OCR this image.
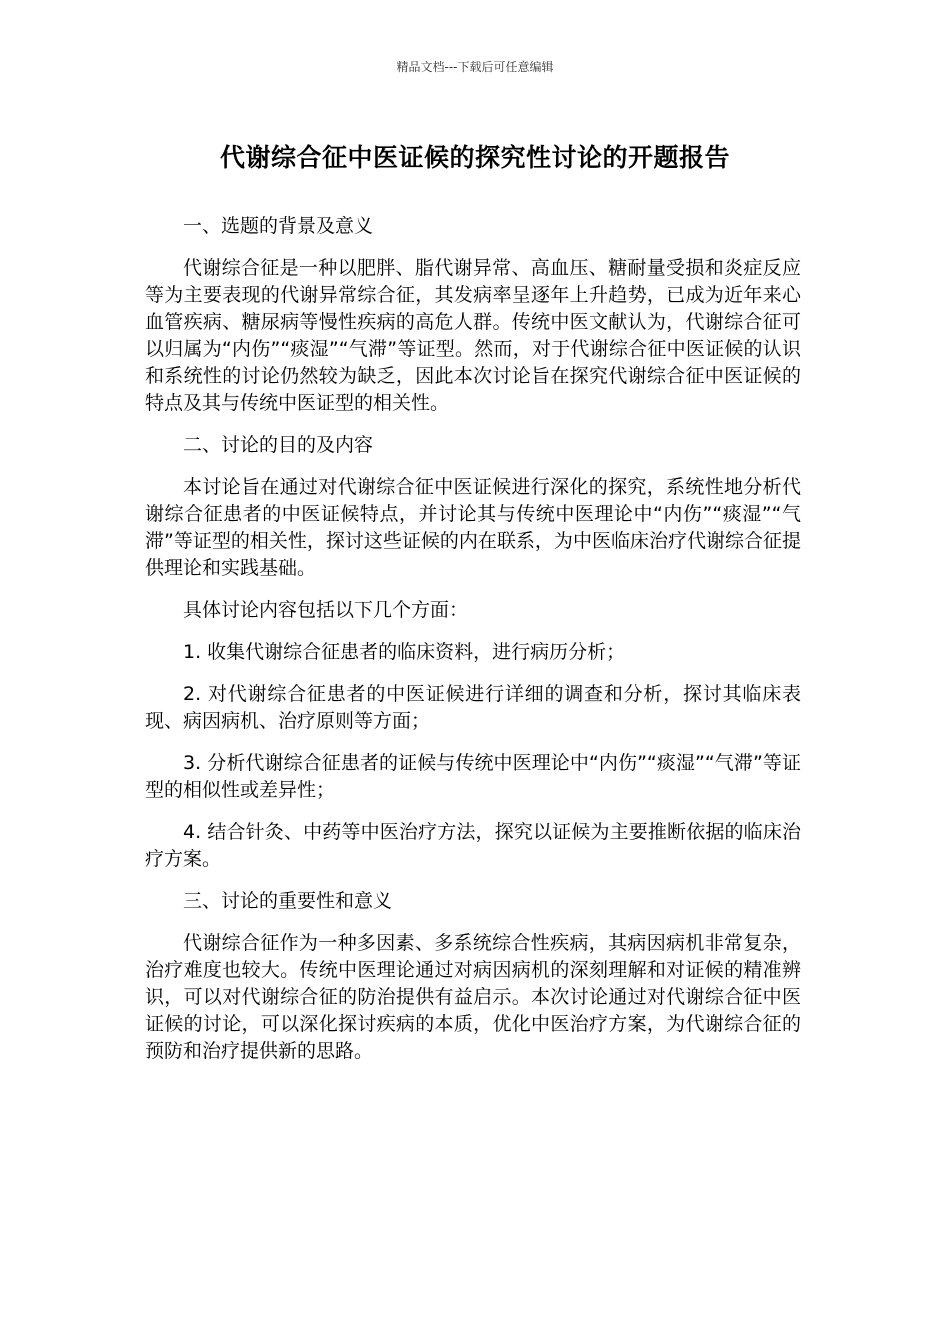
精品文档---下载后可任意编辑
代谢综合征中医证候的探究性讨论的开题报告

一、选题的背景及意义

代谢综合征是一种以肥胖、脂代谢异常、高血压、糖耐量受损和炎症反应等为主要表现的代谢异常综合征，其发病率呈逐年上升趋势，已成为近年来心血管疾病、糖尿病等慢性疾病的高危人群。传统中医文献认为，代谢综合征可以归属为“内伤”“痰湿”“气滞”等证型。然而，对于代谢综合征中医证候的认识和系统性的讨论仍然较为缺乏，因此本次讨论旨在探究代谢综合征中医证候的特点及其与传统中医证型的相关性。

二、讨论的目的及内容

本讨论旨在通过对代谢综合征中医证候进行深化的探究，系统性地分析代谢综合征患者的中医证候特点，并讨论其与传统中医理论中“内伤”“痰湿”“气滞”等证型的相关性，探讨这些证候的内在联系，为中医临床治疗代谢综合征提供理论和实践基础。

具体讨论内容包括以下几个方面：

1. 收集代谢综合征患者的临床资料，进行病历分析；

2. 对代谢综合征患者的中医证候进行详细的调查和分析，探讨其临床表现、病因病机、治疗原则等方面；

3. 分析代谢综合征患者的证候与传统中医理论中“内伤”“痰湿”“气滞”等证型的相似性或差异性；

4. 结合针灸、中药等中医治疗方法，探究以证候为主要推断依据的临床治疗方案。

三、讨论的重要性和意义

代谢综合征作为一种多因素、多系统综合性疾病，其病因病机非常复杂，治疗难度也较大。传统中医理论通过对病因病机的深刻理解和对证候的精准辨识，可以对代谢综合征的防治提供有益启示。本次讨论通过对代谢综合征中医证候的讨论，可以深化探讨疾病的本质，优化中医治疗方案，为代谢综合征的预防和治疗提供新的思路。
